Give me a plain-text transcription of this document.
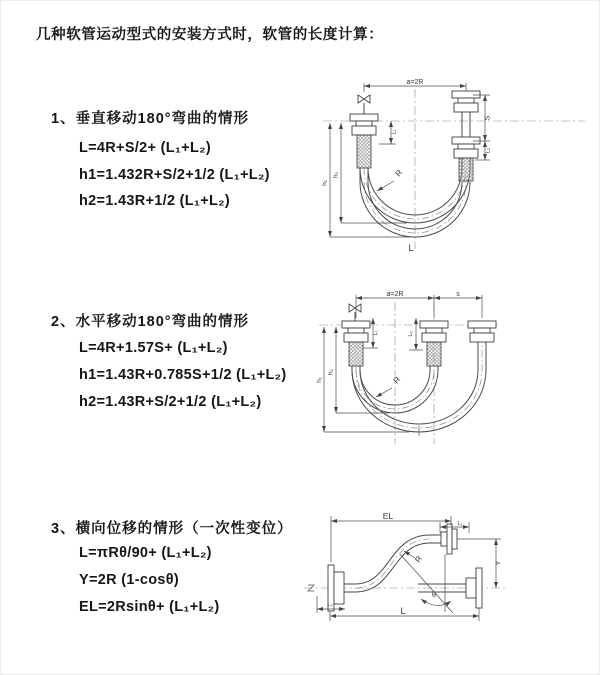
几种软管运动型式的安装方式时，软管的长度计算：
1、垂直移动180°弯曲的情形
L=4R+S/2+ (L₁+L₂)
h1=1.432R+S/2+1/2 (L₁+L₂)
h2=1.43R+1/2 (L₁+L₂)
2、水平移动180°弯曲的情形
L=4R+1.57S+ (L₁+L₂)
h1=1.43R+0.785S+1/2 (L₁+L₂)
h2=1.43R+S/2+1/2 (L₁+L₂)
3、横向位移的情形（一次性变位）
L=πRθ/90+ (L₁+L₂)
Y=2R (1-cosθ)
EL=2Rsinθ+ (L₁+L₂)
a=2R
S
L₂
L₁
h₁
h₂	R
L
a=2R	s
L₁	L₂
h₁
h₂
R
EL
L₁
Y
θ
R
L
L₂
